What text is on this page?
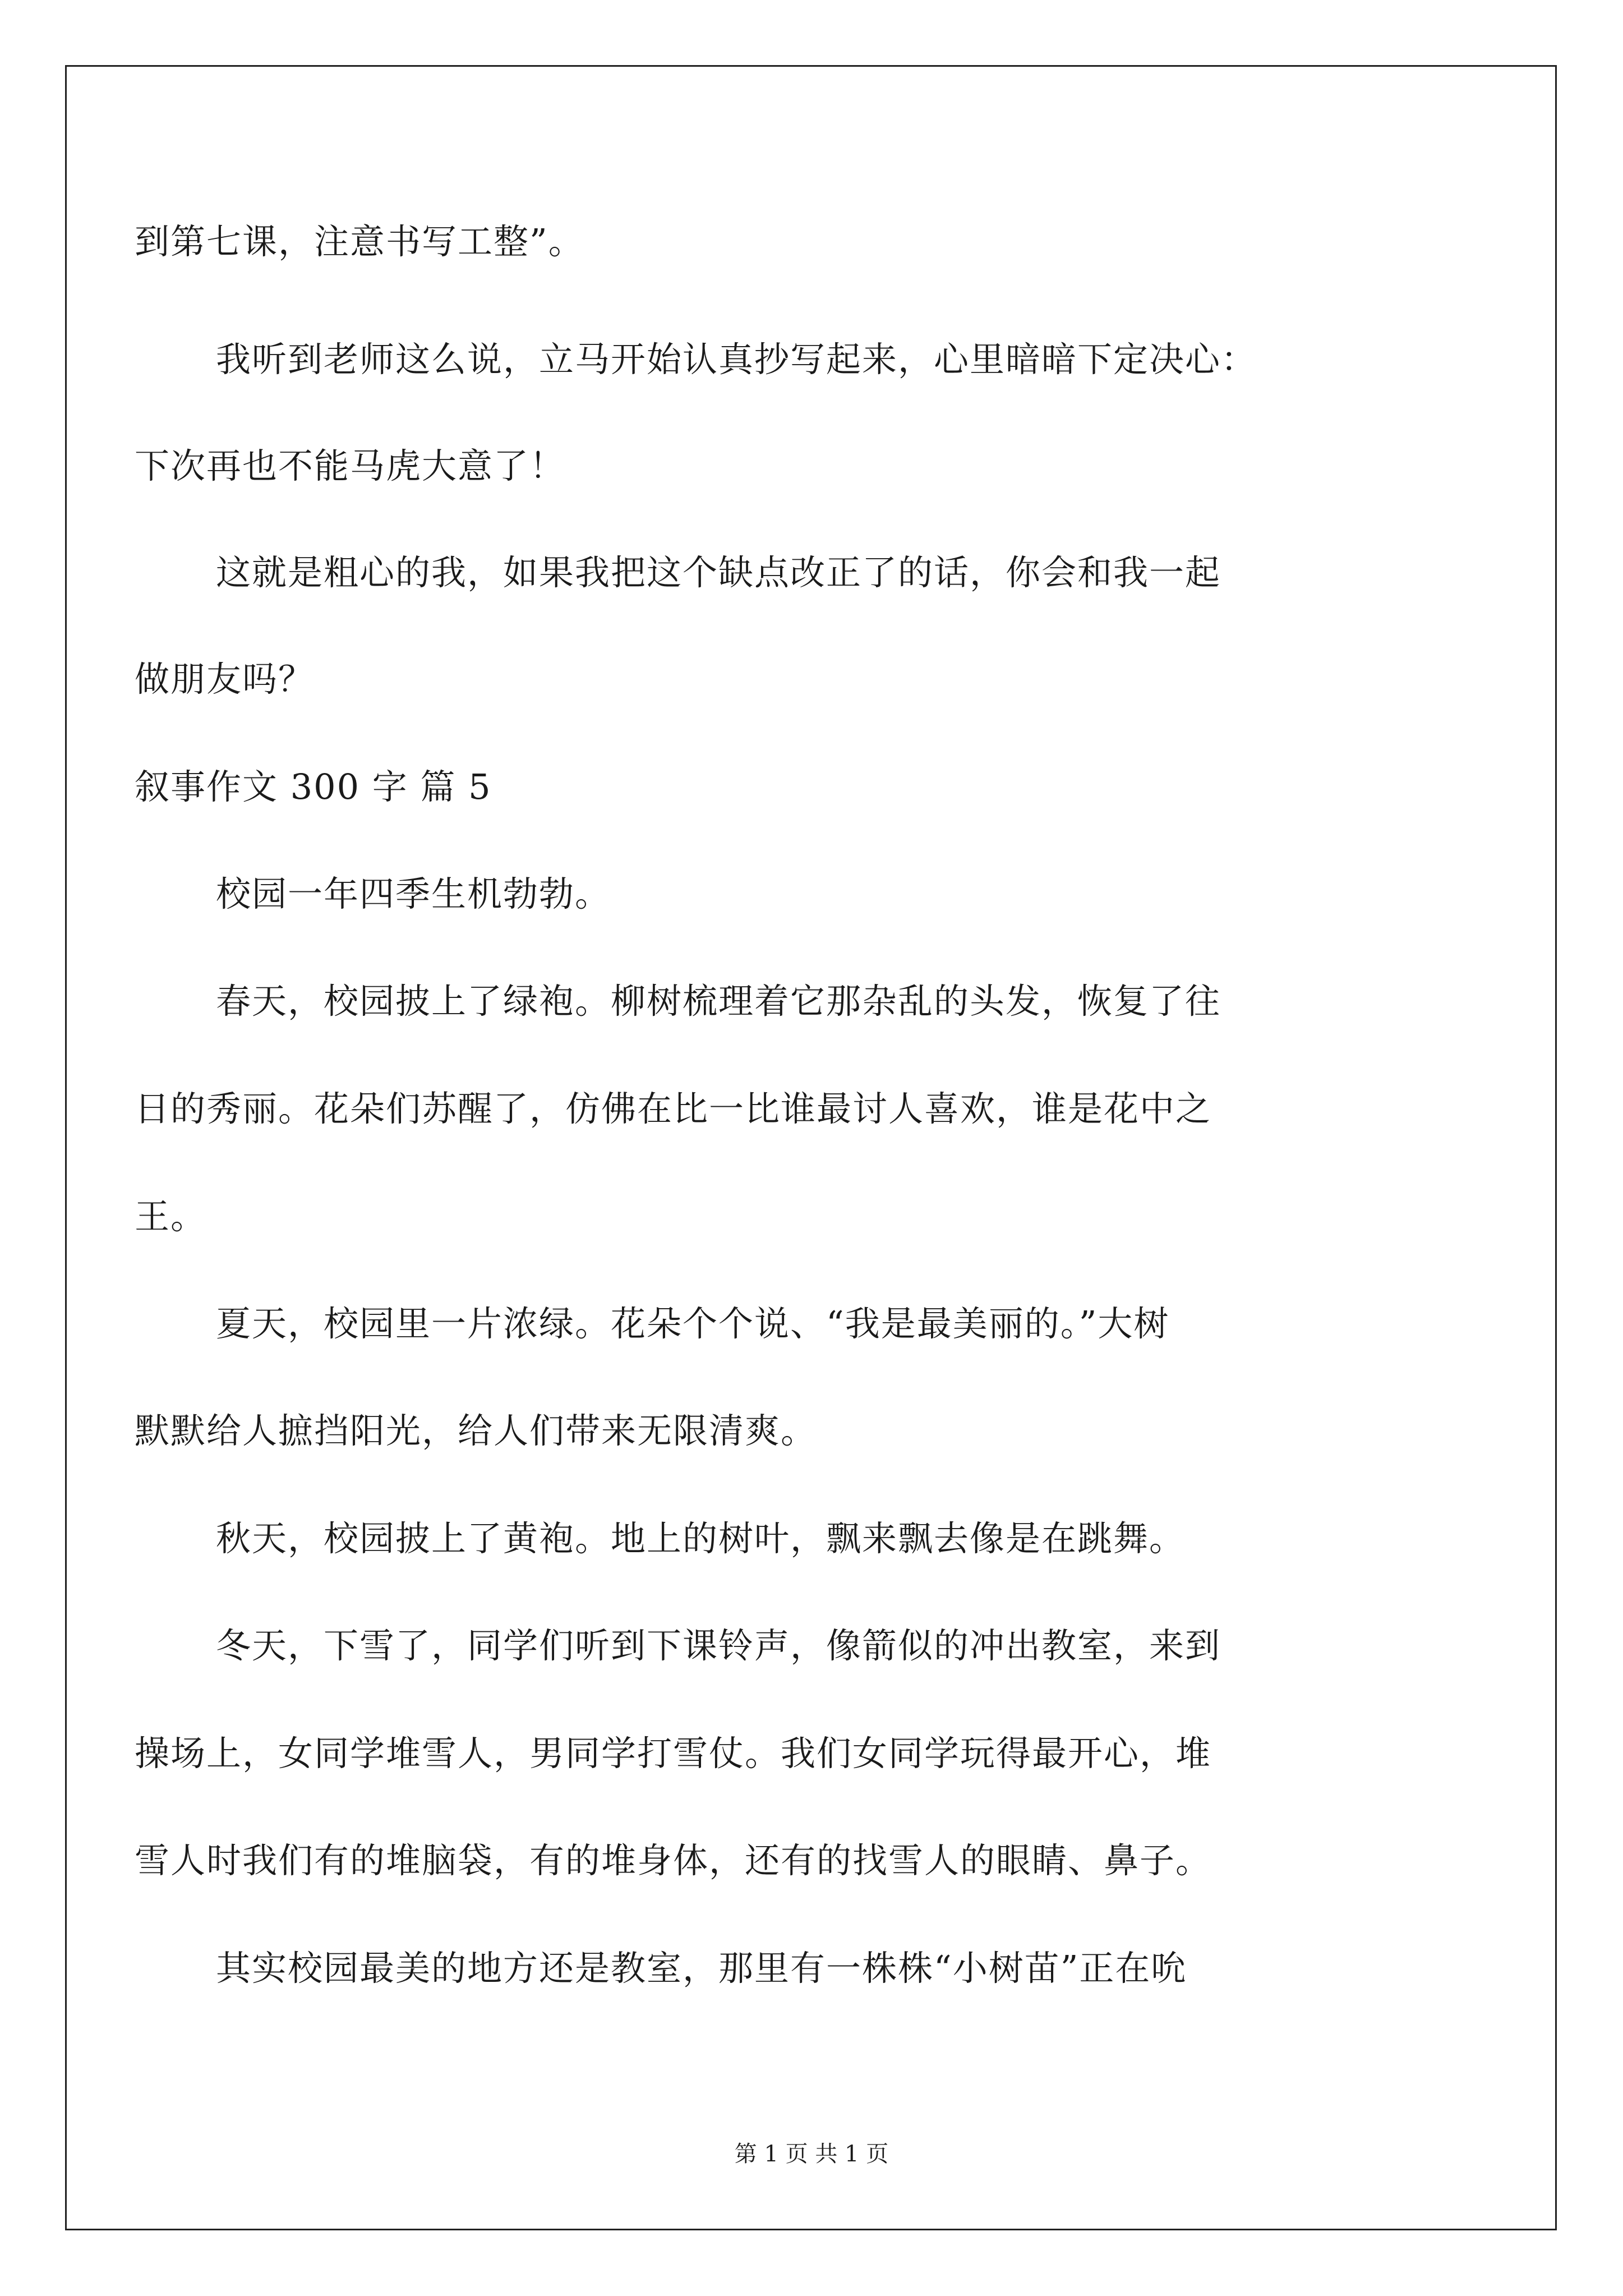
到第七课，注意书写工整”。
我听到老师这么说，立马开始认真抄写起来，心里暗暗下定决心：
下次再也不能马虎大意了！
这就是粗心的我，如果我把这个缺点改正了的话，你会和我一起
做朋友吗？
叙事作文 300 字 篇 5
校园一年四季生机勃勃。
春天，校园披上了绿袍。柳树梳理着它那杂乱的头发，恢复了往
日的秀丽。花朵们苏醒了，仿佛在比一比谁最讨人喜欢，谁是花中之
王。
夏天，校园里一片浓绿。花朵个个说、“我是最美丽的。”大树
默默给人摭挡阳光，给人们带来无限清爽。
秋天，校园披上了黄袍。地上的树叶，飘来飘去像是在跳舞。
冬天，下雪了，同学们听到下课铃声，像箭似的冲出教室，来到
操场上，女同学堆雪人，男同学打雪仗。我们女同学玩得最开心，堆
雪人时我们有的堆脑袋，有的堆身体，还有的找雪人的眼睛、鼻子。
其实校园最美的地方还是教室，那里有一株株“小树苗”正在吮
第 1 页 共 1 页
